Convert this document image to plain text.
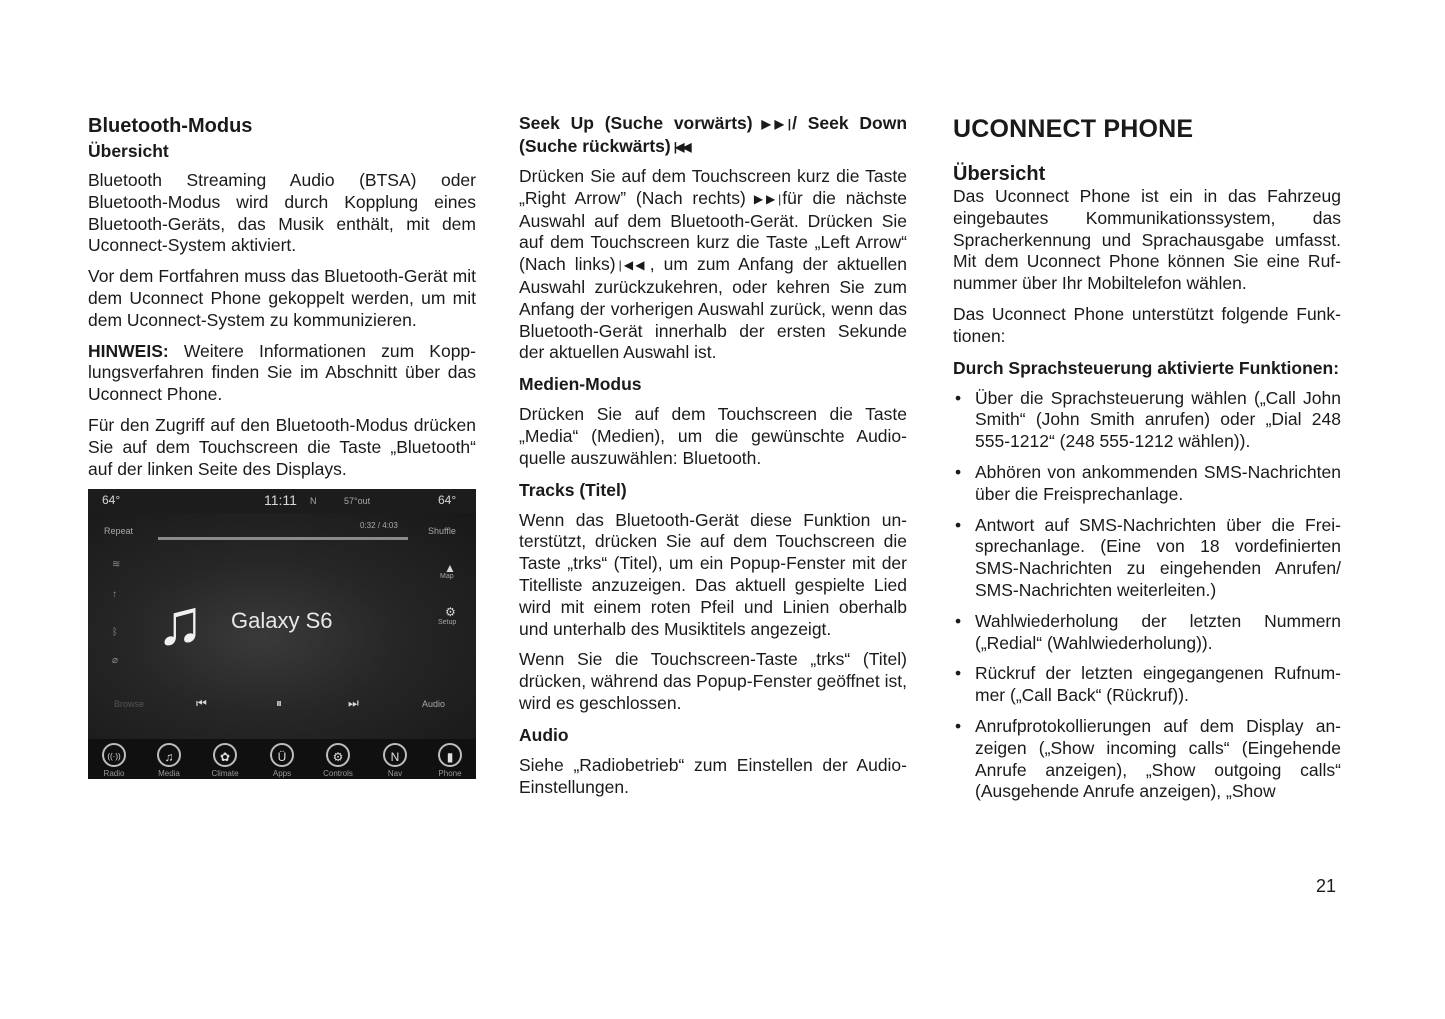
Bluetooth-Modus
Übersicht

Bluetooth Streaming Audio (BTSA) oder Bluetooth-Modus wird durch Kopplung eines Bluetooth-Geräts, das Musik enthält, mit dem Uconnect-System aktiviert.

Vor dem Fortfahren muss das Bluetooth-Gerät mit dem Uconnect Phone gekoppelt werden, um mit dem Uconnect-System zu kommunizieren.

HINWEIS: Weitere Informationen zum Kopplungsverfahren finden Sie im Abschnitt über das Uconnect Phone.

Für den Zugriff auf den Bluetooth-Modus drücken Sie auf dem Touchscreen die Taste „Bluetooth“ auf der linken Seite des Displays.

64°	11:11 N	57°out	64°
Repeat	Shuffle
0:32 / 4:03
≋
↑
ᛒ
⌀
▲
Map
⚙
Setup
♫ Galaxy S6
Browse	⏮	⏸	⏭	Audio
((·))
Radio
♫
Media
✿
Climate
Ü
Apps
⚙
Controls
N
Nav
▮
Phone
Seek Up (Suche vorwärts) ▶▶| / Seek Down (Suche rückwärts) |◀◀

Drücken Sie auf dem Touchscreen kurz die Taste „Right Arrow” (Nach rechts) ▶▶| für die nächste Auswahl auf dem Bluetooth-Gerät. Drücken Sie auf dem Touchscreen kurz die Taste „Left Arrow“ (Nach links) |◀◀ , um zum Anfang der aktuellen Auswahl zurückzukehren, oder kehren Sie zum Anfang der vorherigen Auswahl zurück, wenn das Bluetooth-Gerät innerhalb der ersten Sekunde der aktuellen Auswahl ist.

Medien-Modus

Drücken Sie auf dem Touchscreen die Taste „Media“ (Medien), um die gewünschte Audioquelle auszuwählen: Bluetooth.

Tracks (Titel)

Wenn das Bluetooth-Gerät diese Funktion unterstützt, drücken Sie auf dem Touchscreen die Taste „trks“ (Titel), um ein Popup-Fenster mit der Titelliste anzuzeigen. Das aktuell gespielte Lied wird mit einem roten Pfeil und Linien oberhalb und unterhalb des Musiktitels angezeigt.

Wenn Sie die Touchscreen-Taste „trks“ (Titel) drücken, während das Popup-Fenster geöffnet ist, wird es geschlossen.

Audio

Siehe „Radiobetrieb“ zum Einstellen der Audio-Einstellungen.

UCONNECT PHONE
Übersicht

Das Uconnect Phone ist ein in das Fahrzeug eingebautes Kommunikationssystem, das Spracherkennung und Sprachausgabe umfasst. Mit dem Uconnect Phone können Sie eine Rufnummer über Ihr Mobiltelefon wählen.

Das Uconnect Phone unterstützt folgende Funktionen:

Durch Sprachsteuerung aktivierte Funktionen:
• Über die Sprachsteuerung wählen („Call John Smith“ (John Smith anrufen) oder „Dial 248 555-1212“ (248 555-1212 wählen)).
• Abhören von ankommenden SMS-Nachrichten über die Freisprechanlage.
• Antwort auf SMS-Nachrichten über die Freisprechanlage. (Eine von 18 vordefinierten SMS-Nachrichten zu eingehenden Anrufen/ SMS-Nachrichten weiterleiten.)
• Wahlwiederholung der letzten Nummern („Redial“ (Wahlwiederholung)).
• Rückruf der letzten eingegangenen Rufnummer („Call Back“ (Rückruf)).
• Anrufprotokollierungen auf dem Display anzeigen („Show incoming calls“ (Eingehende Anrufe anzeigen), „Show outgoing calls“ (Ausgehende Anrufe anzeigen), „Show
21
